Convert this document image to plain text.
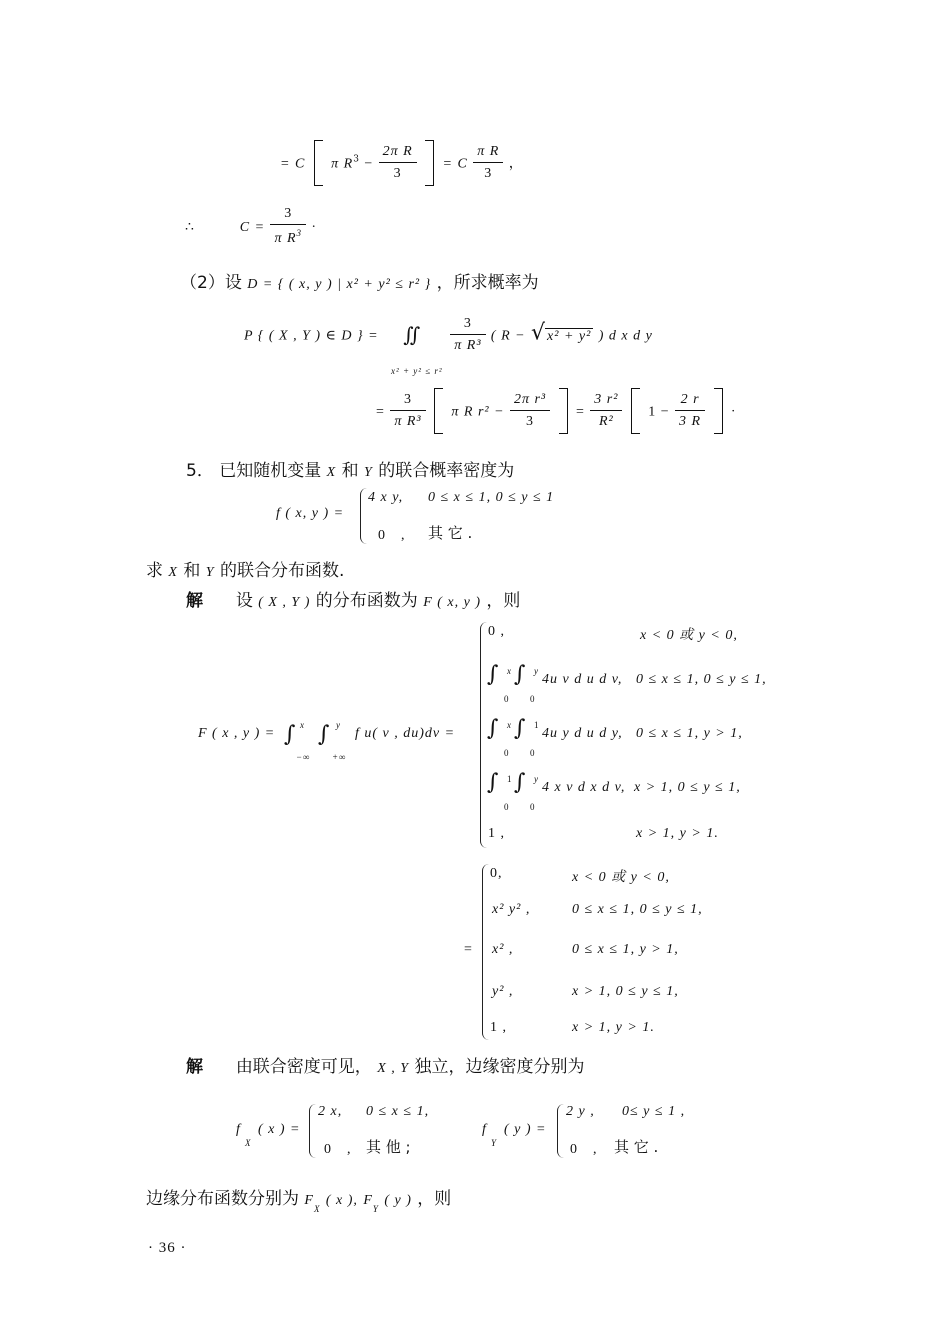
= C π $R^3 - \frac{\text{2π R}}{3} = C \frac{\text{π R}}{3}$ ，
∴	$C = \frac{3}{\pi R^3}$ ·
（2）设 D = { ( x, y ) | x² + y² ≤ r² } ，所求概率为
P { ( X , Y ) ∈ D } = ∬ $\frac{3}{\text{π R³}}$ ( R − √ x² + y² ) d x d y
x² + y² ≤ r²
= $\frac{3}{\text{π R³}}$ π R $r^2 - \frac{\text{2π r³}}{3} = \frac{\text{3 r²}}{\text{R²}} 1 - \frac{2 r}{3 R}$ ·
5． 已知随机变量 X 和 Y 的联合概率密度为
f ( x, y ) =
4 x y, 0 ≤ x ≤ 1, 0 ≤ y ≤ 1
0　, 其 它 .
求 X 和 Y 的联合分布函数.
解 设 ( X , Y ) 的分布函数为 F ( x, y ) ，则
F ( x , y ) = ∫ x
−∞
∫ y
+∞
f u( v , du)dv =
0 ,	x < 0 或 y < 0,
∫ x
0
∫ y
0
4u v d u d v, 0 ≤ x ≤ 1, 0 ≤ y ≤ 1,
∫ x
0
∫ 1
0
4u y d u d y, 0 ≤ x ≤ 1, y > 1,
∫ 1
0
∫ y
0
4 x v d x d v, x > 1, 0 ≤ y ≤ 1,
1 ,	x > 1, y > 1.
=
0,	x < 0 或 y < 0,
x² y² ,	0 ≤ x ≤ 1, 0 ≤ y ≤ 1,
x² ,	0 ≤ x ≤ 1, y > 1,
y² ,	x > 1, 0 ≤ y ≤ 1,
1 ,	x > 1, y > 1.
解 由联合密度可见， X , Y 独立，边缘密度分别为
f
X
( x ) =
2 x, 0 ≤ x ≤ 1,
0　, 其 他 ;
f
Y
( y ) =
2 y , 0≤ y ≤ 1 ,
0　, 其 它 .
边缘分布函数分别为 $F_X$ ( x ), $F_Y$ ( y ) ，则
· 36 ·
